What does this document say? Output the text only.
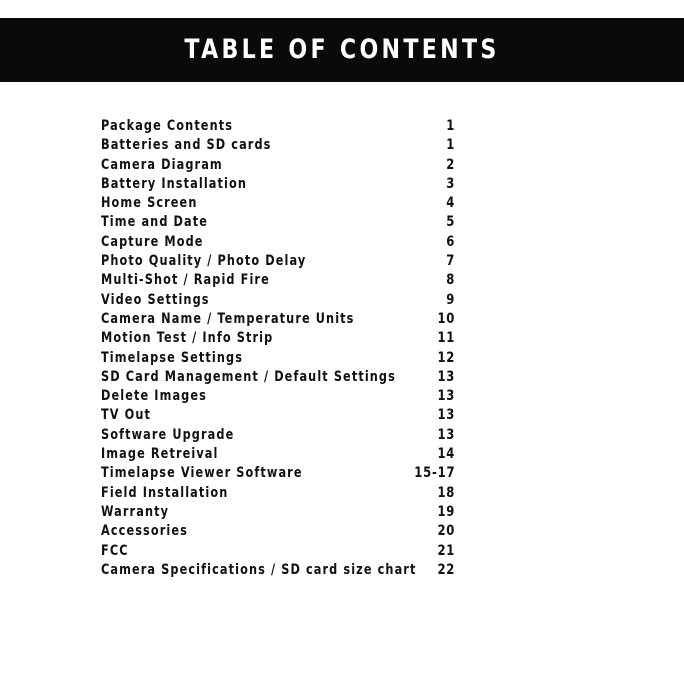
TABLE OF CONTENTS
Package Contents	1
Batteries and SD cards	1
Camera Diagram	2
Battery Installation	3
Home Screen	4
Time and Date	5
Capture Mode	6
Photo Quality / Photo Delay	7
Multi-Shot / Rapid Fire	8
Video Settings	9
Camera Name / Temperature Units	10
Motion Test / Info Strip	11
Timelapse Settings	12
SD Card Management / Default Settings	13
Delete Images	13
TV Out	13
Software Upgrade	13
Image Retreival	14
Timelapse Viewer Software	15-17
Field Installation	18
Warranty	19
Accessories	20
FCC	21
Camera Specifications / SD card size chart 22
